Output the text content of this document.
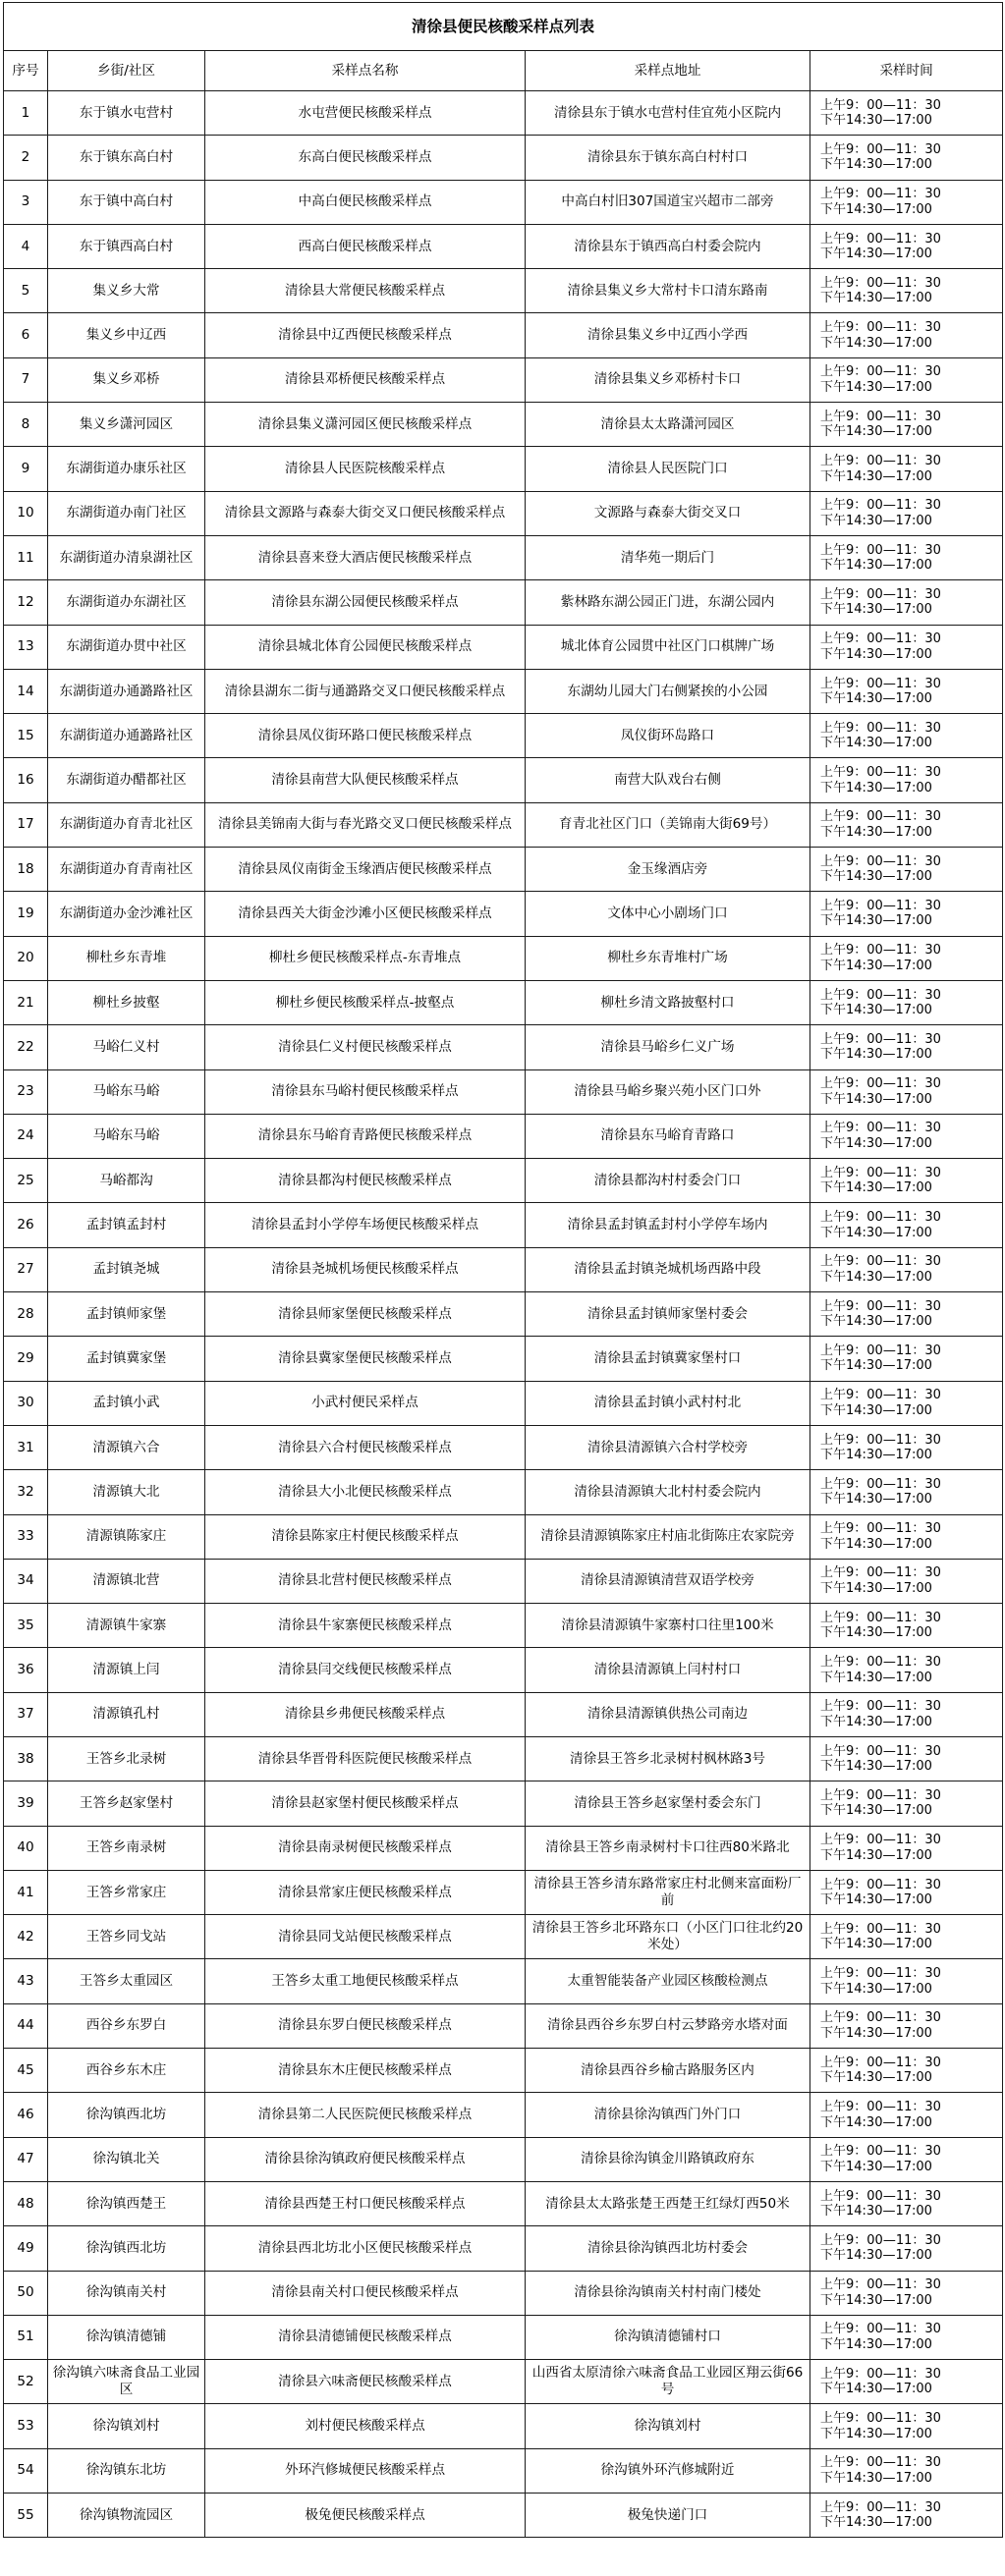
清徐县便民核酸采样点列表				
序号	乡街/社区	采样点名称	采样点地址	采样时间
1	东于镇水屯营村	水屯营便民核酸采样点	清徐县东于镇水屯营村佳宜苑小区院内	上午9：00—11：30
下午14:30—17:00

2	东于镇东高白村	东高白便民核酸采样点	清徐县东于镇东高白村村口	上午9：00—11：30
下午14:30—17:00

3	东于镇中高白村	中高白便民核酸采样点	中高白村旧307国道宝兴超市二部旁	上午9：00—11：30
下午14:30—17:00

4	东于镇西高白村	西高白便民核酸采样点	清徐县东于镇西高白村委会院内	上午9：00—11：30
下午14:30—17:00

5	集义乡大常	清徐县大常便民核酸采样点	清徐县集义乡大常村卡口清东路南	上午9：00—11：30
下午14:30—17:00

6	集义乡中辽西	清徐县中辽西便民核酸采样点	清徐县集义乡中辽西小学西	上午9：00—11：30
下午14:30—17:00

7	集义乡邓桥	清徐县邓桥便民核酸采样点	清徐县集义乡邓桥村卡口	上午9：00—11：30
下午14:30—17:00

8	集义乡潇河园区	清徐县集义潇河园区便民核酸采样点	清徐县太太路潇河园区	上午9：00—11：30
下午14:30—17:00

9	东湖街道办康乐社区	清徐县人民医院核酸采样点	清徐县人民医院门口	上午9：00—11：30
下午14:30—17:00

10	东湖街道办南门社区	清徐县文源路与森泰大街交叉口便民核酸采样点	文源路与森泰大街交叉口	上午9：00—11：30
下午14:30—17:00

11	东湖街道办清泉湖社区	清徐县喜来登大酒店便民核酸采样点	清华苑一期后门	上午9：00—11：30
下午14:30—17:00

12	东湖街道办东湖社区	清徐县东湖公园便民核酸采样点	紫林路东湖公园正门进，东湖公园内	上午9：00—11：30
下午14:30—17:00

13	东湖街道办贯中社区	清徐县城北体育公园便民核酸采样点	城北体育公园贯中社区门口棋牌广场	上午9：00—11：30
下午14:30—17:00

14	东湖街道办通潞路社区	清徐县湖东二街与通潞路交叉口便民核酸采样点	东湖幼儿园大门右侧紧挨的小公园	上午9：00—11：30
下午14:30—17:00

15	东湖街道办通潞路社区	清徐县凤仪街环路口便民核酸采样点	凤仪街环岛路口	上午9：00—11：30
下午14:30—17:00

16	东湖街道办醋都社区	清徐县南营大队便民核酸采样点	南营大队戏台右侧	上午9：00—11：30
下午14:30—17:00

17	东湖街道办育青北社区	清徐县美锦南大街与春光路交叉口便民核酸采样点	育青北社区门口（美锦南大街69号）	上午9：00—11：30
下午14:30—17:00

18	东湖街道办育青南社区	清徐县凤仪南街金玉缘酒店便民核酸采样点	金玉缘酒店旁	上午9：00—11：30
下午14:30—17:00

19	东湖街道办金沙滩社区	清徐县西关大街金沙滩小区便民核酸采样点	文体中心小剧场门口	上午9：00—11：30
下午14:30—17:00

20	柳杜乡东青堆	柳杜乡便民核酸采样点-东青堆点	柳杜乡东青堆村广场	上午9：00—11：30
下午14:30—17:00

21	柳杜乡披壑	柳杜乡便民核酸采样点-披壑点	柳杜乡清文路披壑村口	上午9：00—11：30
下午14:30—17:00

22	马峪仁义村	清徐县仁义村便民核酸采样点	清徐县马峪乡仁义广场	上午9：00—11：30
下午14:30—17:00

23	马峪东马峪	清徐县东马峪村便民核酸采样点	清徐县马峪乡聚兴苑小区门口外	上午9：00—11：30
下午14:30—17:00

24	马峪东马峪	清徐县东马峪育青路便民核酸采样点	清徐县东马峪育青路口	上午9：00—11：30
下午14:30—17:00

25	马峪都沟	清徐县都沟村便民核酸采样点	清徐县都沟村村委会门口	上午9：00—11：30
下午14:30—17:00

26	孟封镇孟封村	清徐县孟封小学停车场便民核酸采样点	清徐县孟封镇孟封村小学停车场内	上午9：00—11：30
下午14:30—17:00

27	孟封镇尧城	清徐县尧城机场便民核酸采样点	清徐县孟封镇尧城机场西路中段	上午9：00—11：30
下午14:30—17:00

28	孟封镇师家堡	清徐县师家堡便民核酸采样点	清徐县孟封镇师家堡村委会	上午9：00—11：30
下午14:30—17:00

29	孟封镇冀家堡	清徐县冀家堡便民核酸采样点	清徐县孟封镇冀家堡村口	上午9：00—11：30
下午14:30—17:00

30	孟封镇小武	小武村便民采样点	清徐县孟封镇小武村村北	上午9：00—11：30
下午14:30—17:00

31	清源镇六合	清徐县六合村便民核酸采样点	清徐县清源镇六合村学校旁	上午9：00—11：30
下午14:30—17:00

32	清源镇大北	清徐县大小北便民核酸采样点	清徐县清源镇大北村村委会院内	上午9：00—11：30
下午14:30—17:00

33	清源镇陈家庄	清徐县陈家庄村便民核酸采样点	清徐县清源镇陈家庄村庙北街陈庄农家院旁	上午9：00—11：30
下午14:30—17:00

34	清源镇北营	清徐县北营村便民核酸采样点	清徐县清源镇清营双语学校旁	上午9：00—11：30
下午14:30—17:00

35	清源镇牛家寨	清徐县牛家寨便民核酸采样点	清徐县清源镇牛家寨村口往里100米	上午9：00—11：30
下午14:30—17:00

36	清源镇上闫	清徐县闫交线便民核酸采样点	清徐县清源镇上闫村村口	上午9：00—11：30
下午14:30—17:00

37	清源镇孔村	清徐县乡弗便民核酸采样点	清徐县清源镇供热公司南边	上午9：00—11：30
下午14:30—17:00

38	王答乡北录树	清徐县华晋骨科医院便民核酸采样点	清徐县王答乡北录树村枫林路3号	上午9：00—11：30
下午14:30—17:00

39	王答乡赵家堡村	清徐县赵家堡村便民核酸采样点	清徐县王答乡赵家堡村委会东门	上午9：00—11：30
下午14:30—17:00

40	王答乡南录树	清徐县南录树便民核酸采样点	清徐县王答乡南录树村卡口往西80米路北	上午9：00—11：30
下午14:30—17:00

41	王答乡常家庄	清徐县常家庄便民核酸采样点	清徐县王答乡清东路常家庄村北侧来富面粉厂前	上午9：00—11：30
下午14:30—17:00

42	王答乡同戈站	清徐县同戈站便民核酸采样点	清徐县王答乡北环路东口（小区门口往北约20米处）	上午9：00—11：30
下午14:30—17:00

43	王答乡太重园区	王答乡太重工地便民核酸采样点	太重智能装备产业园区核酸检测点	上午9：00—11：30
下午14:30—17:00

44	西谷乡东罗白	清徐县东罗白便民核酸采样点	清徐县西谷乡东罗白村云梦路旁水塔对面	上午9：00—11：30
下午14:30—17:00

45	西谷乡东木庄	清徐县东木庄便民核酸采样点	清徐县西谷乡榆古路服务区内	上午9：00—11：30
下午14:30—17:00

46	徐沟镇西北坊	清徐县第二人民医院便民核酸采样点	清徐县徐沟镇西门外门口	上午9：00—11：30
下午14:30—17:00

47	徐沟镇北关	清徐县徐沟镇政府便民核酸采样点	清徐县徐沟镇金川路镇政府东	上午9：00—11：30
下午14:30—17:00

48	徐沟镇西楚王	清徐县西楚王村口便民核酸采样点	清徐县太太路张楚王西楚王红绿灯西50米	上午9：00—11：30
下午14:30—17:00

49	徐沟镇西北坊	清徐县西北坊北小区便民核酸采样点	清徐县徐沟镇西北坊村委会	上午9：00—11：30
下午14:30—17:00

50	徐沟镇南关村	清徐县南关村口便民核酸采样点	清徐县徐沟镇南关村村南门楼处	上午9：00—11：30
下午14:30—17:00

51	徐沟镇清德铺	清徐县清德铺便民核酸采样点	徐沟镇清德铺村口	上午9：00—11：30
下午14:30—17:00

52	徐沟镇六味斋食品工业园区	清徐县六味斋便民核酸采样点	山西省太原清徐六味斋食品工业园区翔云街66号	上午9：00—11：30
下午14:30—17:00

53	徐沟镇刘村	刘村便民核酸采样点	徐沟镇刘村	上午9：00—11：30
下午14:30—17:00

54	徐沟镇东北坊	外环汽修城便民核酸采样点	徐沟镇外环汽修城附近	上午9：00—11：30
下午14:30—17:00

55	徐沟镇物流园区	极兔便民核酸采样点	极兔快递门口	上午9：00—11：30
下午14:30—17:00
